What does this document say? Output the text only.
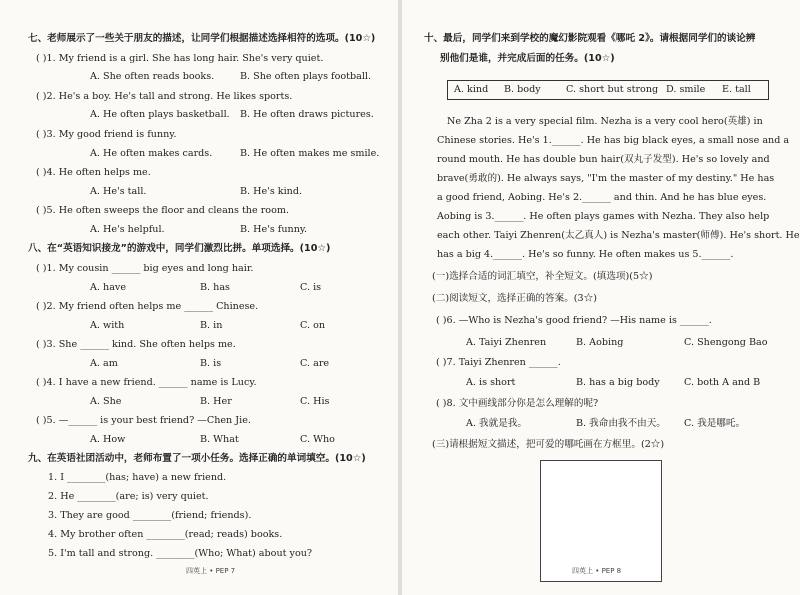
七、老师展示了一些关于朋友的描述，让同学们根据描述选择相符的选项。(10☆)
( )1. My friend is a girl. She has long hair. She's very quiet.
A. She often reads books.	B. She often plays football.
( )2. He's a boy. He's tall and strong. He likes sports.
A. He often plays basketball. B. He often draws pictures.
( )3. My good friend is funny.
A. He often makes cards.	B. He often makes me smile.
( )4. He often helps me.
A. He's tall.	B. He's kind.
( )5. He often sweeps the floor and cleans the room.
A. He's helpful.	B. He's funny.
八、在“英语知识接龙”的游戏中，同学们激烈比拼。单项选择。(10☆)
( )1. My cousin ______ big eyes and long hair.
A. have	B. has	C. is
( )2. My friend often helps me ______ Chinese.
A. with	B. in	C. on
( )3. She ______ kind. She often helps me.
A. am	B. is	C. are
( )4. I have a new friend. ______ name is Lucy.
A. She	B. Her	C. His
( )5. —______ is your best friend? —Chen Jie.
A. How	B. What	C. Who
九、在英语社团活动中，老师布置了一项小任务。选择正确的单词填空。(10☆)
1. I ________(has; have) a new friend.
2. He ________(are; is) very quiet.
3. They are good ________(friend; friends).
4. My brother often ________(read; reads) books.
5. I'm tall and strong. ________(Who; What) about you?
四英上 • PEP 7
十、最后，同学们来到学校的魔幻影院观看《哪吒 2》。请根据同学们的谈论辨
别他们是谁，并完成后面的任务。(10☆)
A. kind B. body	C. short but strong D. smile E. tall
Ne Zha 2 is a very special film. Nezha is a very cool hero(英雄) in
Chinese stories. He's 1.______. He has big black eyes, a small nose and a
round mouth. He has double bun hair(双丸子发型). He's so lovely and
brave(勇敢的). He always says, "I'm the master of my destiny." He has
a good friend, Aobing. He's 2.______ and thin. And he has blue eyes.
Aobing is 3.______. He often plays games with Nezha. They also help
each other. Taiyi Zhenren(太乙真人) is Nezha's master(师傅). He's short. He
has a big 4.______. He's so funny. He often makes us 5.______.
(一)选择合适的词汇填空，补全短文。(填选项)(5☆)
(二)阅读短文，选择正确的答案。(3☆)
( )6. —Who is Nezha's good friend? —His name is ______.
A. Taiyi Zhenren	B. Aobing	C. Shengong Bao
( )7. Taiyi Zhenren ______.
A. is short	B. has a big body	C. both A and B
( )8. 文中画线部分你是怎么理解的呢?
A. 我就是我。	B. 我命由我不由天。 C. 我是哪吒。
(三)请根据短文描述，把可爱的哪吒画在方框里。(2☆)
四英上 • PEP 8
